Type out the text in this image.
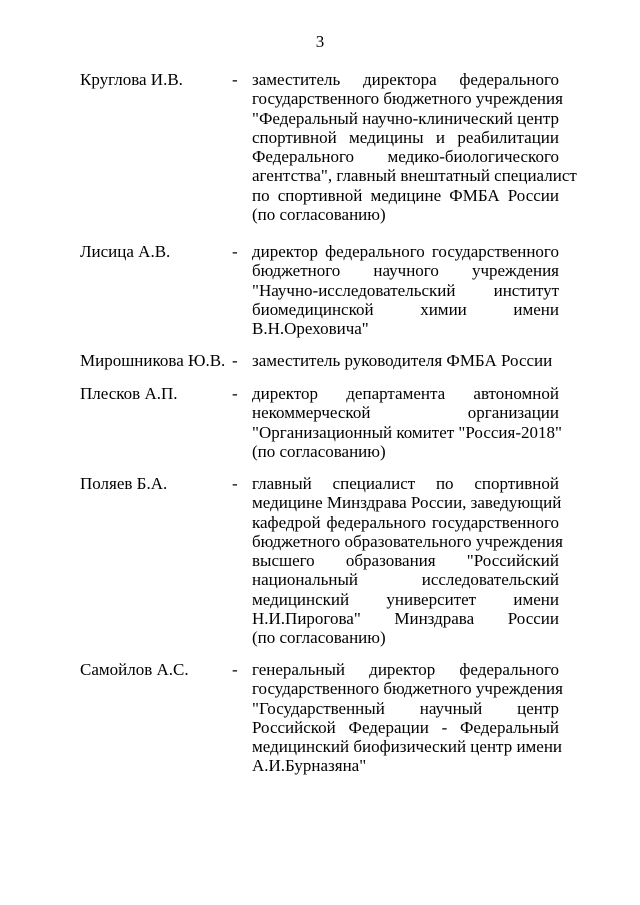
3
Круглова И.В.	- заместитель директора федерального
государственного бюджетного учреждения
"Федеральный научно-клинический центр
спортивной медицины и реабилитации
Федерального медико-биологического
агентства", главный внештатный специалист
по спортивной медицине ФМБА России
(по согласованию)
Лисица А.В.	- директор федерального государственного
бюджетного научного учреждения
"Научно-исследовательский институт
биомедицинской химии имени
В.Н.Ореховича"
Мирошникова Ю.В. - заместитель руководителя ФМБА России
Плесков А.П.	- директор департамента автономной
некоммерческой организации
"Организационный комитет "Россия-2018"
(по согласованию)
Поляев Б.А.	- главный специалист по спортивной
медицине Минздрава России, заведующий
кафедрой федерального государственного
бюджетного образовательного учреждения
высшего образования "Российский
национальный исследовательский
медицинский университет имени
Н.И.Пирогова" Минздрава России
(по согласованию)
Самойлов А.С.	- генеральный директор федерального
государственного бюджетного учреждения
"Государственный научный центр
Российской Федерации - Федеральный
медицинский биофизический центр имени
А.И.Бурназяна"
